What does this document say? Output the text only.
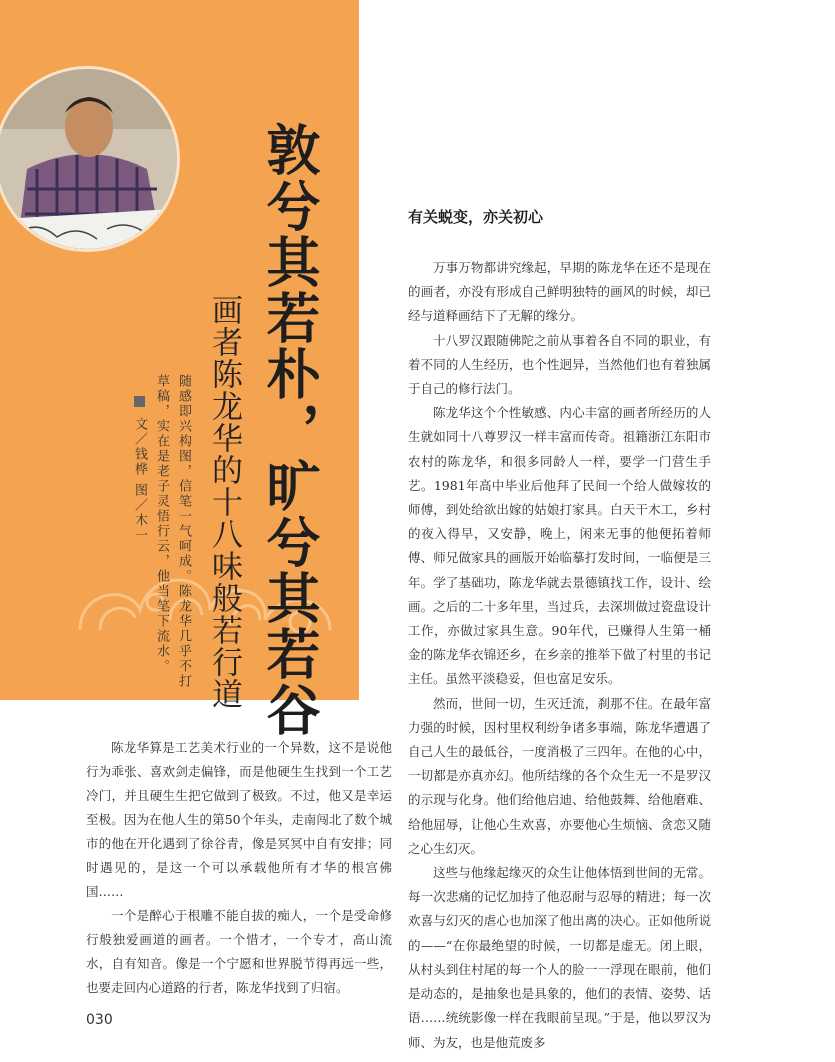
敦兮其若朴，旷兮其若谷
画者陈龙华的十八味般若行道
随感即兴构图，信笔一气呵成。陈龙华几乎不打
草稿，实在是老子灵悟行云，他当笔下流水。
文／钱桦 图／木一

陈龙华算是工艺美术行业的一个异数，这不是说他行为乖张、喜欢剑走偏锋，而是他硬生生找到一个工艺冷门，并且硬生生把它做到了极致。不过，他又是幸运至极。因为在他人生的第50个年头，走南闯北了数个城市的他在开化遇到了徐谷青，像是冥冥中自有安排；同时遇见的，是这一个可以承载他所有才华的根宫佛国……

一个是醉心于根雕不能自拔的痴人，一个是受命修行般独爱画道的画者。一个惜才，一个专才，高山流水，自有知音。像是一个宁愿和世界脱节得再远一些，也要走回内心道路的行者，陈龙华找到了归宿。

有关蜕变，亦关初心

万事万物都讲究缘起，早期的陈龙华在还不是现在的画者，亦没有形成自己鲜明独特的画风的时候，却已经与道释画结下了无解的缘分。

十八罗汉跟随佛陀之前从事着各自不同的职业，有着不同的人生经历，也个性迥异，当然他们也有着独属于自己的修行法门。

陈龙华这个个性敏感、内心丰富的画者所经历的人生就如同十八尊罗汉一样丰富而传奇。祖籍浙江东阳市农村的陈龙华，和很多同龄人一样，要学一门营生手艺。1981年高中毕业后他拜了民间一个给人做嫁妆的师傅，到处给欲出嫁的姑娘打家具。白天干木工，乡村的夜入得早，又安静，晚上，闲来无事的他便拓着师傅、师兄做家具的画版开始临摹打发时间，一临便是三年。学了基础功，陈龙华就去景德镇找工作，设计、绘画。之后的二十多年里，当过兵，去深圳做过瓷盘设计工作，亦做过家具生意。90年代，已赚得人生第一桶金的陈龙华衣锦还乡，在乡亲的推举下做了村里的书记主任。虽然平淡稳妥，但也富足安乐。

然而，世间一切，生灭迁流，刹那不住。在最年富力强的时候，因村里权利纷争诸多事端，陈龙华遭遇了自己人生的最低谷，一度消极了三四年。在他的心中，一切都是亦真亦幻。他所结缘的各个众生无一不是罗汉的示现与化身。他们给他启迪、给他鼓舞、给他磨难、给他屈辱，让他心生欢喜，亦要他心生烦恼、贪恋又随之心生幻灭。

这些与他缘起缘灭的众生让他体悟到世间的无常。每一次悲痛的记忆加持了他忍耐与忍辱的精进；每一次欢喜与幻灭的虐心也加深了他出离的决心。正如他所说的——“在你最绝望的时候，一切都是虚无。闭上眼，从村头到住村尾的每一个人的脸一一浮现在眼前，他们是动态的，是抽象也是具象的，他们的表情、姿势、话语……统统影像一样在我眼前呈现。”于是，他以罗汉为师、为友，也是他荒废多

030
